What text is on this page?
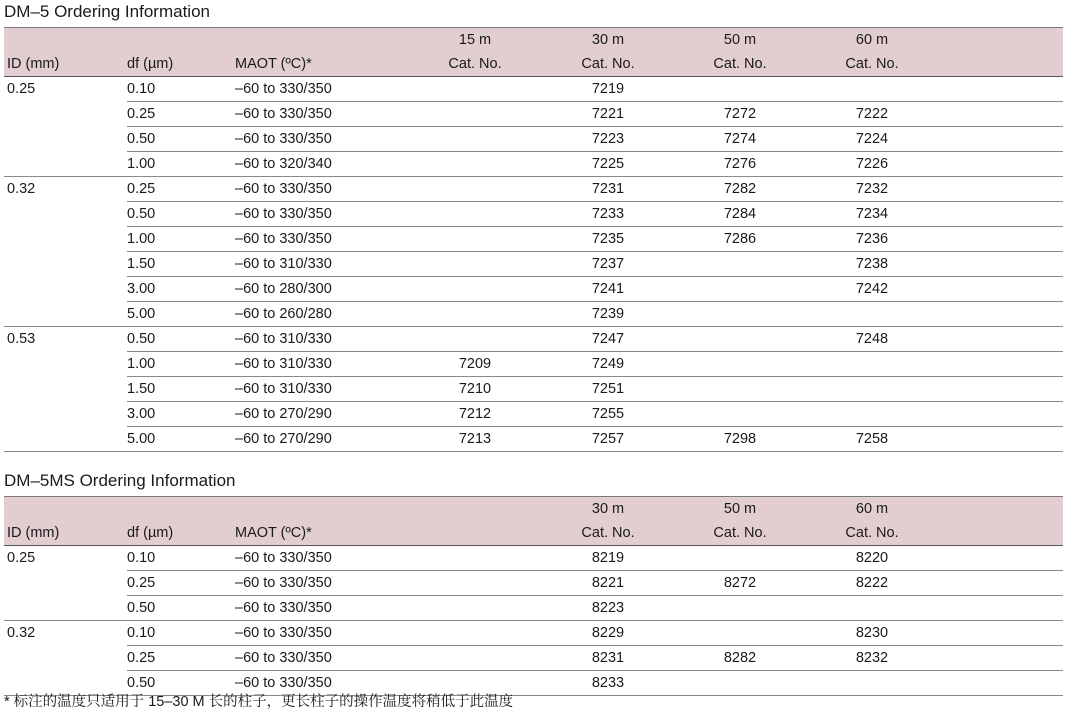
DM–5 Ordering Information
			15 m	30 m	50 m	60 m	
ID (mm)	df (µm)	MAOT (ºC)*	Cat. No.	Cat. No.	Cat. No.	Cat. No.	
0.25	0.10	–60 to 330/350		7219			
	0.25	–60 to 330/350		7221	7272	7222	
	0.50	–60 to 330/350		7223	7274	7224	
	1.00	–60 to 320/340		7225	7276	7226	
0.32	0.25	–60 to 330/350		7231	7282	7232	
	0.50	–60 to 330/350		7233	7284	7234	
	1.00	–60 to 330/350		7235	7286	7236	
	1.50	–60 to 310/330		7237		7238	
	3.00	–60 to 280/300		7241		7242	
	5.00	–60 to 260/280		7239			
0.53	0.50	–60 to 310/330		7247		7248	
	1.00	–60 to 310/330	7209	7249			
	1.50	–60 to 310/330	7210	7251			
	3.00	–60 to 270/290	7212	7255			
	5.00	–60 to 270/290	7213	7257	7298	7258	
DM–5MS Ordering Information
				30 m	50 m	60 m	
ID (mm)	df (µm)	MAOT (ºC)*		Cat. No.	Cat. No.	Cat. No.	
0.25	0.10	–60 to 330/350		8219		8220	
	0.25	–60 to 330/350		8221	8272	8222	
	0.50	–60 to 330/350		8223			
0.32	0.10	–60 to 330/350		8229		8230	
	0.25	–60 to 330/350		8231	8282	8232	
	0.50	–60 to 330/350		8233			
* 标注的温度只适用于 15–30 M 长的柱子，更长柱子的操作温度将稍低于此温度
